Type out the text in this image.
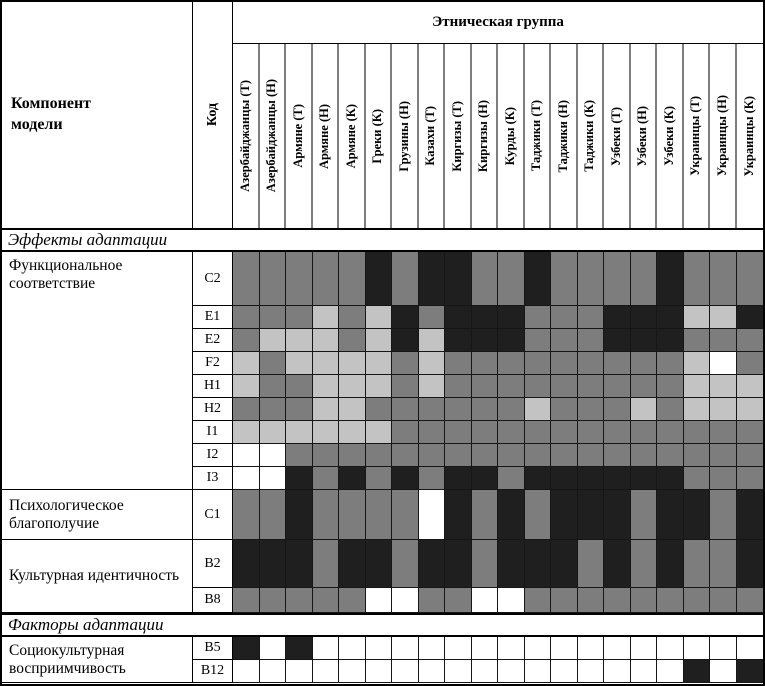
Компонент модели	Код
Этническая группа
Азербайджанцы (Т) Азербайджанцы (Н) Армяне (Т) Армяне (Н) Армяне (К) Греки (К) Грузины (Н) Казахи (Т) Киргизы (Т) Киргизы (Н) Курды (К) Таджики (Т) Таджики (Н) Таджики (К) Узбеки (Т) Узбеки (Н) Узбеки (К) Украинцы (Т) Украинцы (Н) Украинцы (К)
Эффекты адаптации
Функциональное соответствие	C2
E1
E2
F2
H1
H2
I1
I2
I3
Психологическое благополучие
C1
Культурная идентичность
B2
B8
Факторы адаптации
Социокультурная восприимчивость
B5
B12
